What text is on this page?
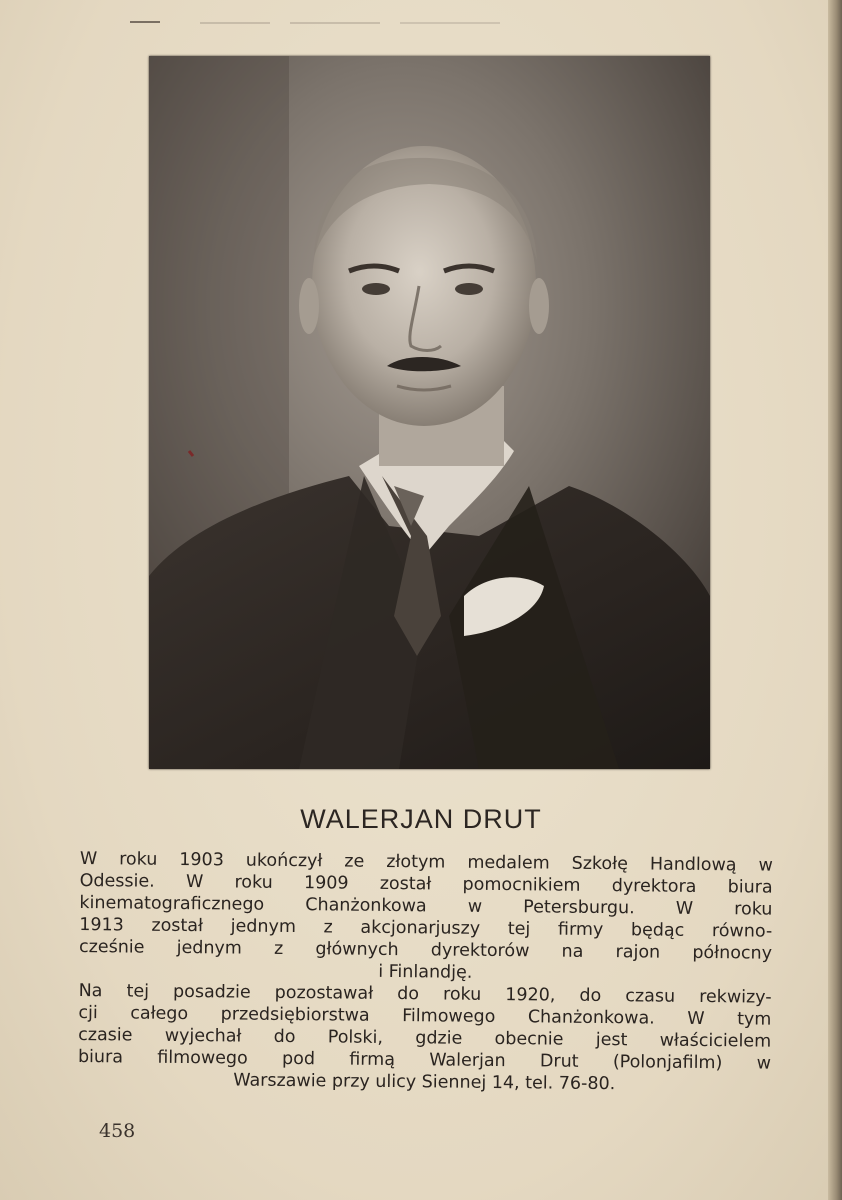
WALERJAN DRUT
W roku 1903 ukończył ze złotym medalem Szkołę Handlową w
Odessie. W roku 1909 został pomocnikiem dyrektora biura
kinematograficznego Chanżonkowa w Petersburgu. W roku
1913 został jednym z akcjonarjuszy tej firmy będąc równo-
cześnie jednym z głównych dyrektorów na rajon północny
i Finlandję.
Na tej posadzie pozostawał do roku 1920, do czasu rekwizy-
cji całego przedsiębiorstwa Filmowego Chanżonkowa. W tym
czasie wyjechał do Polski, gdzie obecnie jest właścicielem
biura filmowego pod firmą Walerjan Drut (Polonjafilm) w
Warszawie przy ulicy Siennej 14, tel. 76-80.
458
